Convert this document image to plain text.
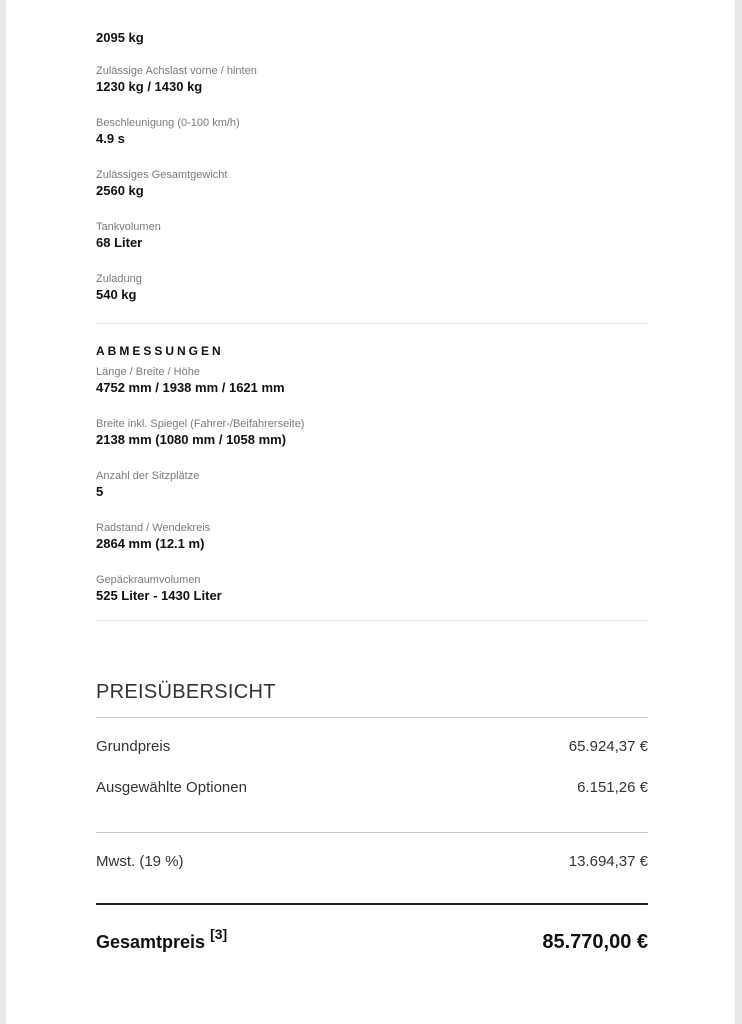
2095 kg
Zulässige Achslast vorne / hinten
1230 kg / 1430 kg
Beschleunigung (0-100 km/h)
4.9 s
Zulässiges Gesamtgewicht
2560 kg
Tankvolumen
68 Liter
Zuladung
540 kg
ABMESSUNGEN
Länge / Breite / Höhe
4752 mm / 1938 mm / 1621 mm
Breite inkl. Spiegel (Fahrer-/Beifahrerseite)
2138 mm (1080 mm / 1058 mm)
Anzahl der Sitzplätze
5
Radstand / Wendekreis
2864 mm (12.1 m)
Gepäckraumvolumen
525 Liter - 1430 Liter
PREISÜBERSICHT
Grundpreis	65.924,37 €
Ausgewählte Optionen	6.151,26 €
Mwst. (19 %)	13.694,37 €
Gesamtpreis [3]	85.770,00 €
